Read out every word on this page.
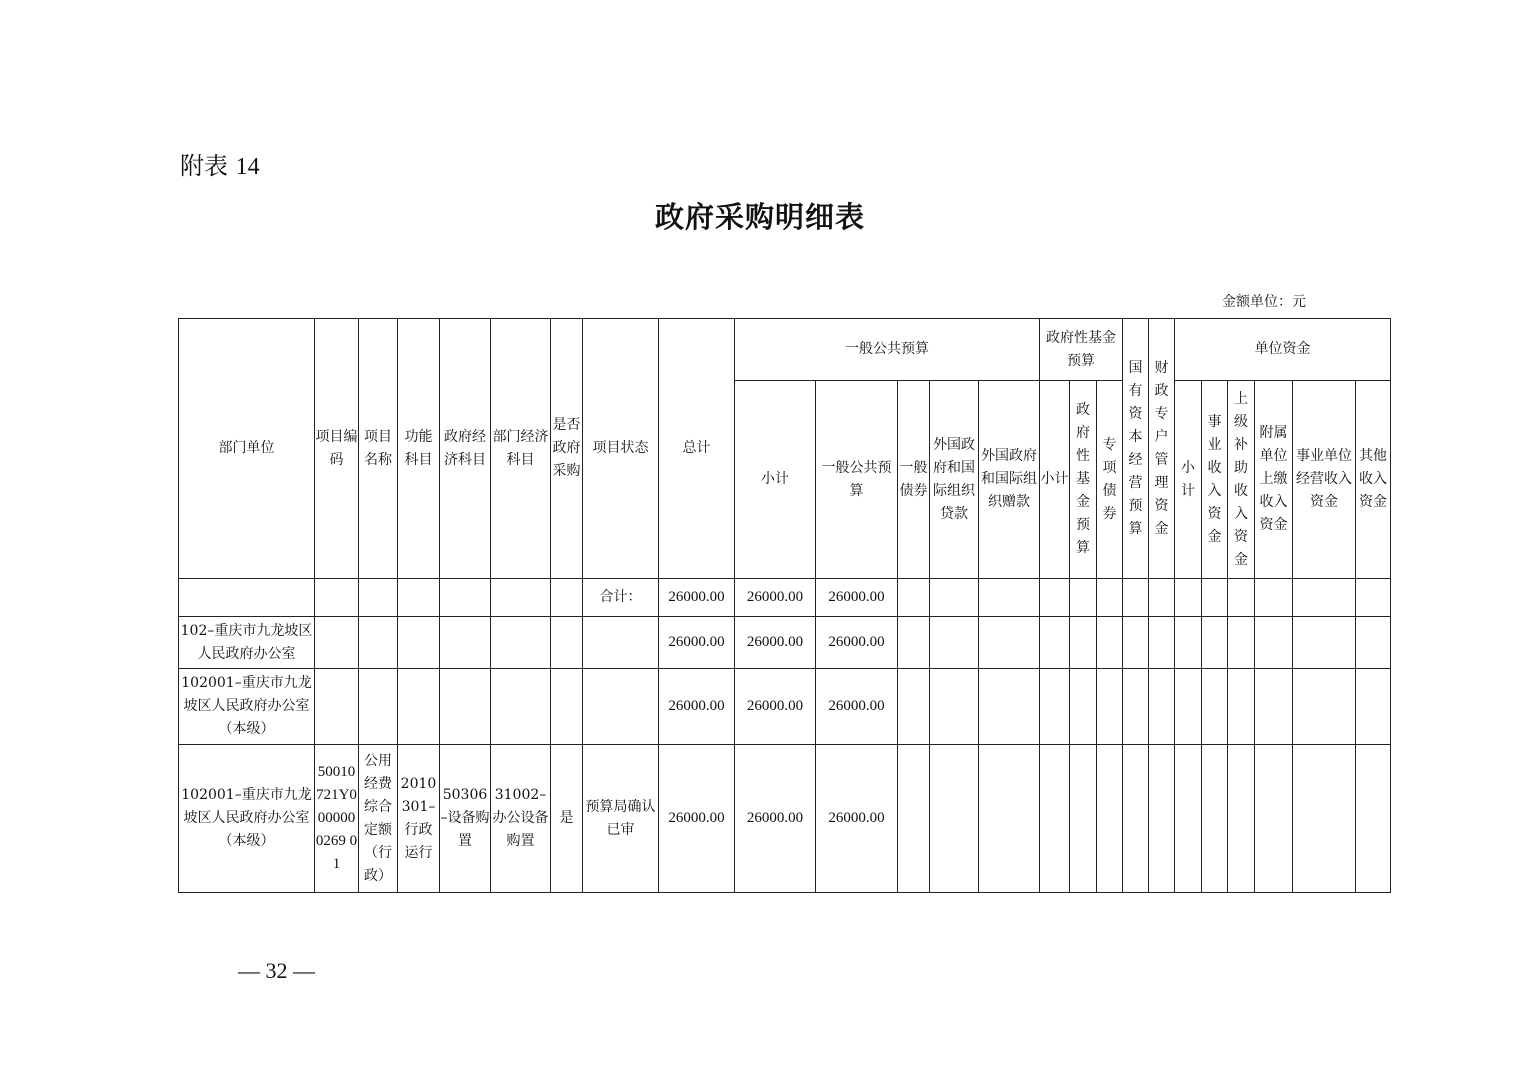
附表 14
政府采购明细表
金额单位：元
部门单位	项目编码	项目名称	功能科目	政府经济科目	部门经济科目	是否政府采购	项目状态	总计	一般公共预算					政府性基金预算			国有资本经营预算	财政专户管理资金	单位资金					
									小计	一般公共预算	一般债券	外国政府和国际组织贷款	外国政府和国际组织赠款	小计	政府性基金预算	专项债券			小计	事业收入资金	上级补助收入资金	附属单位上缴收入资金	事业单位经营收入资金	其他收入资金
							合计：	26000.00	26000.00	26000.00														
102–重庆市九龙坡区人民政府办公室								26000.00	26000.00	26000.00														
102001–重庆市九龙坡区人民政府办公室（本级）								26000.00	26000.00	26000.00														
102001–重庆市九龙坡区人民政府办公室（本级）	50010721Y0000000269 01	公用经费综合定额（行政）	2010301–行政运行	50306–设备购置	31002–办公设备购置	是	预算局确认已审	26000.00	26000.00	26000.00														
— 32 —
